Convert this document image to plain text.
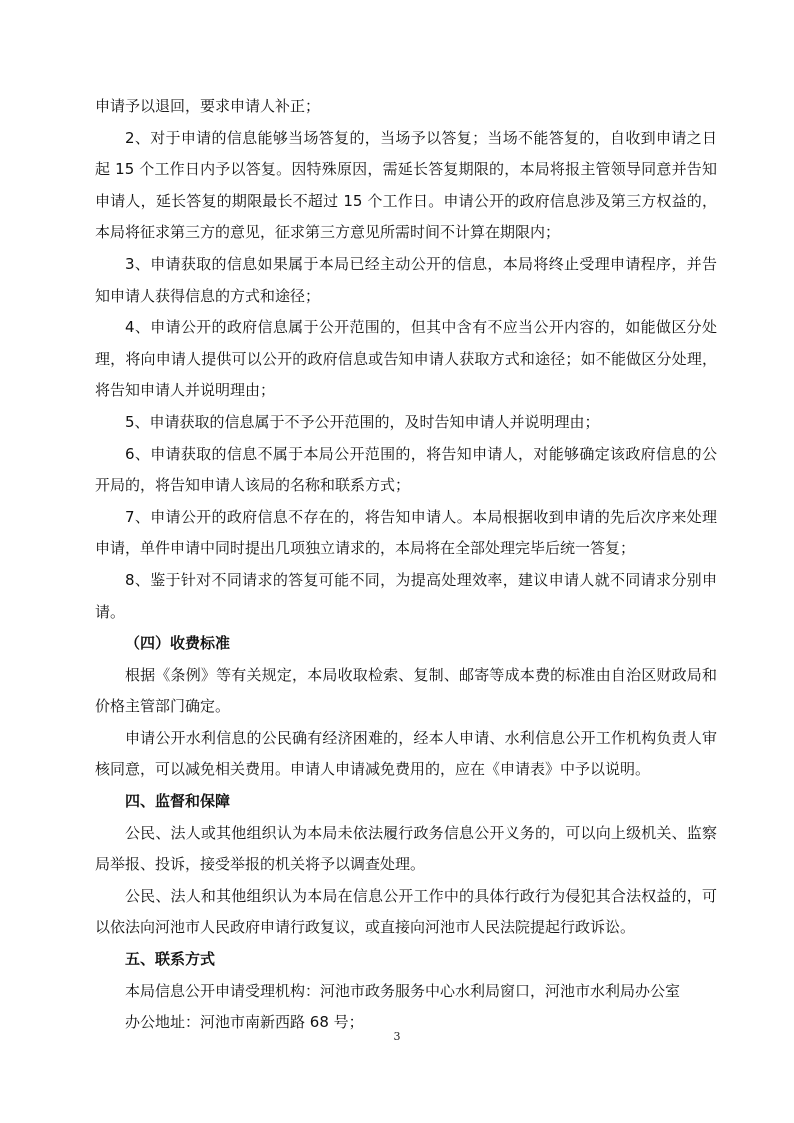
申请予以退回，要求申请人补正；

2、对于申请的信息能够当场答复的，当场予以答复；当场不能答复的，自收到申请之日起 15 个工作日内予以答复。因特殊原因，需延长答复期限的，本局将报主管领导同意并告知申请人，延长答复的期限最长不超过 15 个工作日。申请公开的政府信息涉及第三方权益的，本局将征求第三方的意见，征求第三方意见所需时间不计算在期限内；

3、申请获取的信息如果属于本局已经主动公开的信息，本局将终止受理申请程序，并告知申请人获得信息的方式和途径；

4、申请公开的政府信息属于公开范围的，但其中含有不应当公开内容的，如能做区分处理，将向申请人提供可以公开的政府信息或告知申请人获取方式和途径；如不能做区分处理，将告知申请人并说明理由；

5、申请获取的信息属于不予公开范围的，及时告知申请人并说明理由；

6、申请获取的信息不属于本局公开范围的，将告知申请人，对能够确定该政府信息的公开局的，将告知申请人该局的名称和联系方式；

7、申请公开的政府信息不存在的，将告知申请人。本局根据收到申请的先后次序来处理申请，单件申请中同时提出几项独立请求的，本局将在全部处理完毕后统一答复；

8、鉴于针对不同请求的答复可能不同，为提高处理效率，建议申请人就不同请求分别申请。

（四）收费标准

根据《条例》等有关规定，本局收取检索、复制、邮寄等成本费的标准由自治区财政局和价格主管部门确定。

申请公开水利信息的公民确有经济困难的，经本人申请、水利信息公开工作机构负责人审核同意，可以减免相关费用。申请人申请减免费用的，应在《申请表》中予以说明。

四、监督和保障

公民、法人或其他组织认为本局未依法履行政务信息公开义务的，可以向上级机关、监察局举报、投诉，接受举报的机关将予以调查处理。

公民、法人和其他组织认为本局在信息公开工作中的具体行政行为侵犯其合法权益的，可以依法向河池市人民政府申请行政复议，或直接向河池市人民法院提起行政诉讼。

五、联系方式

本局信息公开申请受理机构：河池市政务服务中心水利局窗口，河池市水利局办公室

办公地址：河池市南新西路 68 号；

3
